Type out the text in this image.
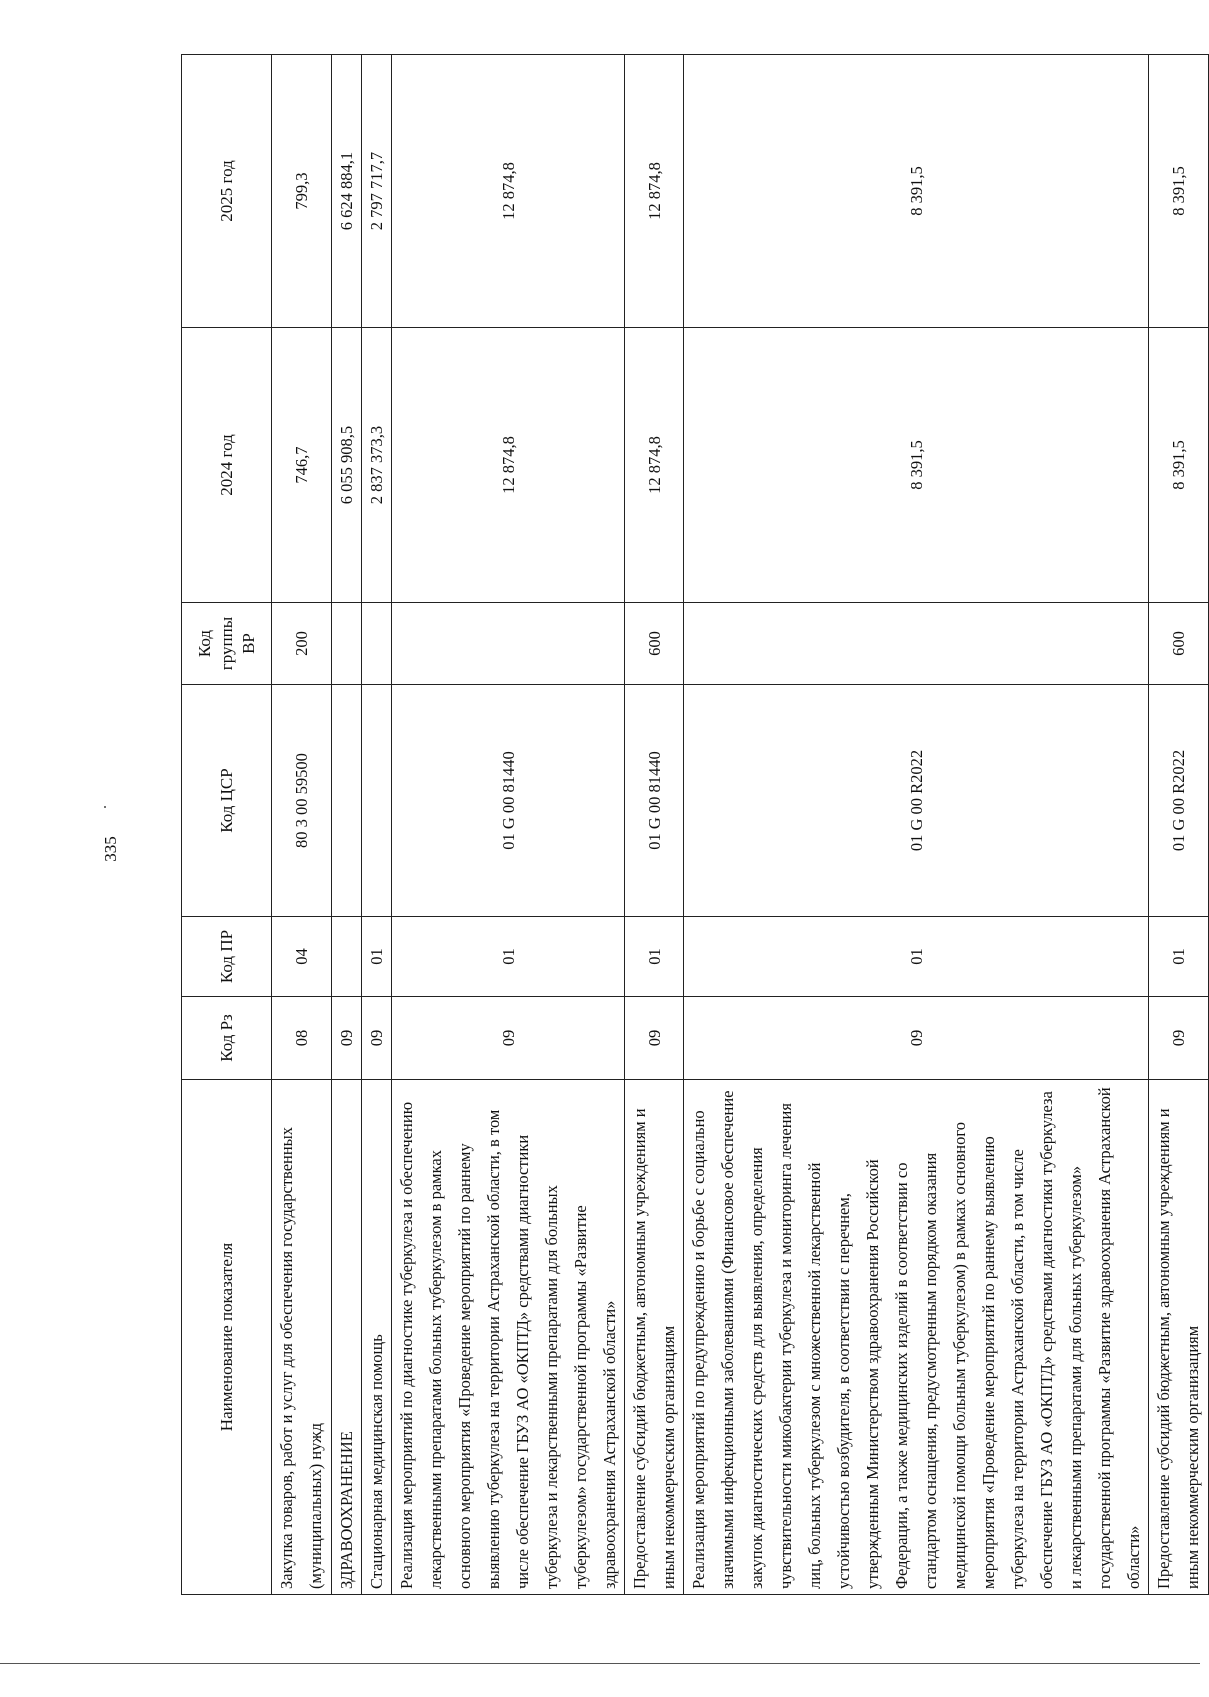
335
Наименование показателя	Код Рз	Код ПР	Код ЦСР	Код группы ВР	2024 год	2025 год
Закупка товаров, работ и услуг для обеспечения государственных (муниципальных) нужд	08	04	80 3 00 59500	200	746,7	799,3
ЗДРАВООХРАНЕНИЕ	09				6 055 908,5	6 624 884,1
Стационарная медицинская помощь	09	01			2 837 373,3	2 797 717,7
Реализация мероприятий по диагностике туберкулеза и обеспечению лекарственными препаратами больных туберкулезом в рамках основного мероприятия «Проведение мероприятий по раннему выявлению туберкулеза на территории Астраханской области, в том числе обеспечение ГБУЗ АО «ОКПТД» средствами диагностики туберкулеза и лекарственными препаратами для больных туберкулезом» государственной программы «Развитие здравоохранения Астраханской области»	09	01	01 G 00 81440		12 874,8	12 874,8
Предоставление субсидий бюджетным, автономным учреждениям и иным некоммерческим организациям	09	01	01 G 00 81440	600	12 874,8	12 874,8
Реализация мероприятий по предупреждению и борьбе с социально значимыми инфекционными заболеваниями (Финансовое обеспечение закупок диагностических средств для выявления, определения чувствительности микобактерии туберкулеза и мониторинга лечения лиц, больных туберкулезом с множественной лекарственной устойчивостью возбудителя, в соответствии с перечнем, утвержденным Министерством здравоохранения Российской Федерации, а также медицинских изделий в соответствии со стандартом оснащения, предусмотренным порядком оказания медицинской помощи больным туберкулезом) в рамках основного мероприятия «Проведение мероприятий по раннему выявлению туберкулеза на территории Астраханской области, в том числе обеспечение ГБУЗ АО «ОКПТД» средствами диагностики туберкулеза и лекарственными препаратами для больных туберкулезом» государственной программы «Развитие здравоохранения Астраханской области»	09	01	01 G 00 R2022		8 391,5	8 391,5
Предоставление субсидий бюджетным, автономным учреждениям и иным некоммерческим организациям	09	01	01 G 00 R2022	600	8 391,5	8 391,5
